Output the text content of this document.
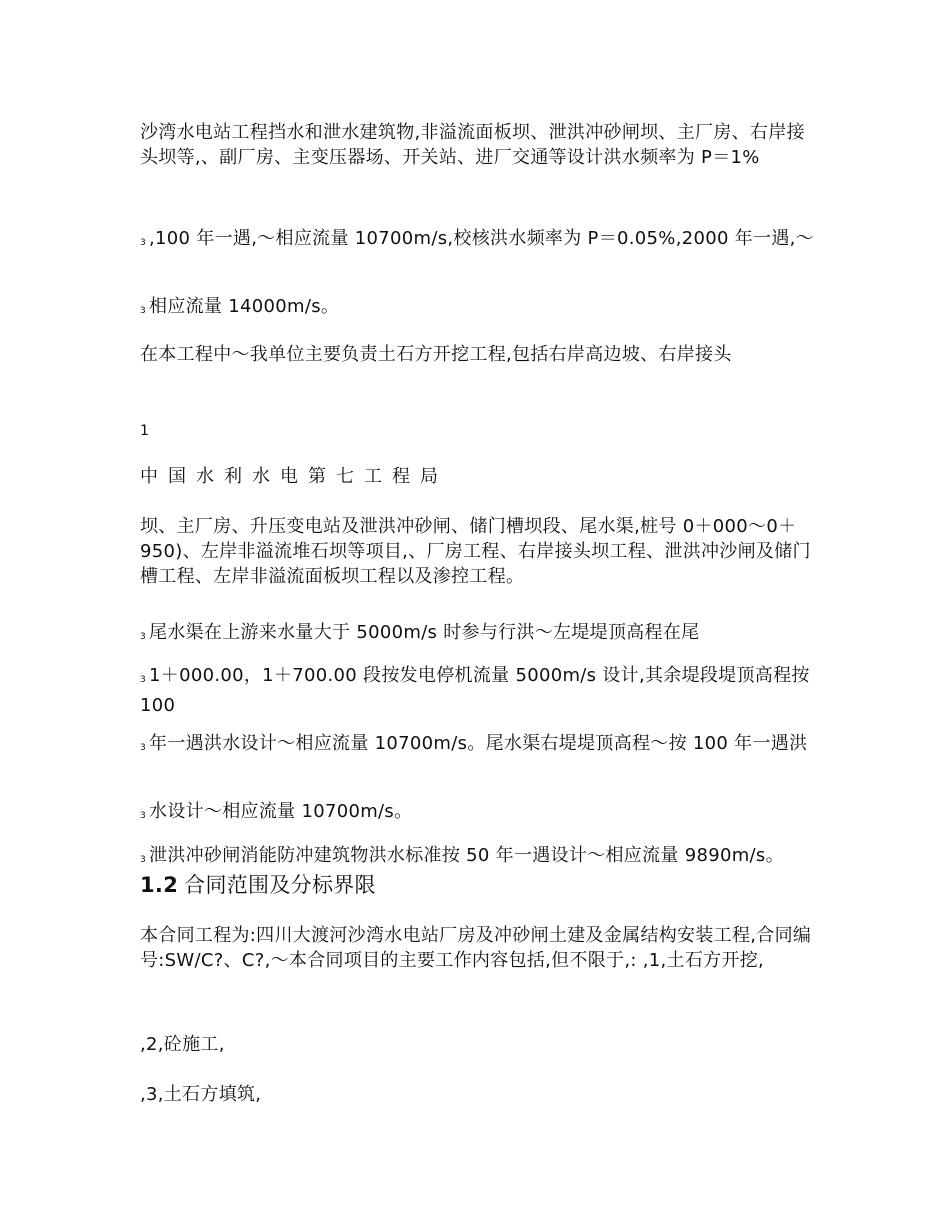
沙湾水电站工程挡水和泄水建筑物,非溢流面板坝、泄洪冲砂闸坝、主厂房、右岸接头坝等,、副厂房、主变压器场、开关站、进厂交通等设计洪水频率为 P＝1%

3 ,100 年一遇,～相应流量 10700m/s,校核洪水频率为 P＝0.05%,2000 年一遇,～

3 相应流量 14000m/s。

在本工程中～我单位主要负责土石方开挖工程,包括右岸高边坡、右岸接头

1

中国水利水电第七工程局

坝、主厂房、升压变电站及泄洪冲砂闸、储门槽坝段、尾水渠,桩号 0＋000～0＋950)、左岸非溢流堆石坝等项目,、厂房工程、右岸接头坝工程、泄洪冲沙闸及储门槽工程、左岸非溢流面板坝工程以及渗控工程。

3 尾水渠在上游来水量大于 5000m/s 时参与行洪～左堤堤顶高程在尾

3 1＋000.00，1＋700.00 段按发电停机流量 5000m/s 设计,其余堤段堤顶高程按 100

3 年一遇洪水设计～相应流量 10700m/s。尾水渠右堤堤顶高程～按 100 年一遇洪

3 水设计～相应流量 10700m/s。

3 泄洪冲砂闸消能防冲建筑物洪水标准按 50 年一遇设计～相应流量 9890m/s。 1.2 合同范围及分标界限

本合同工程为:四川大渡河沙湾水电站厂房及冲砂闸土建及金属结构安装工程,合同编号:SW/C?、C?,～本合同项目的主要工作内容包括,但不限于,: ,1,土石方开挖,

,2,砼施工,

,3,土石方填筑,
